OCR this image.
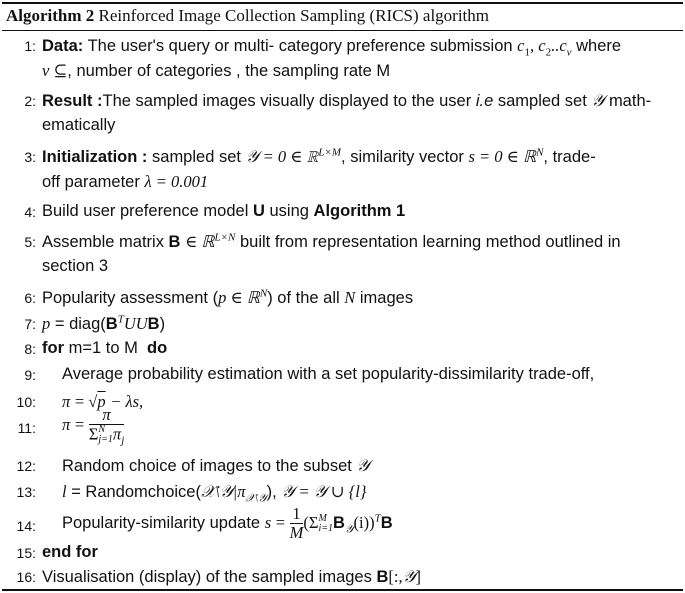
Algorithm 2 Reinforced Image Collection Sampling (RICS) algorithm
1: Data: The user's query or multi- category preference submission $c_1$, $c_2..c_v$ where
v ⊆, number of categories , the sampling rate M
2: Result :The sampled images visually displayed to the user i.e sampled set 𝒴 math-
ematically
3: Initialization : sampled set 𝒴 = 0 ∈ ℝ$^{L\times M}$, similarity vector s = 0 ∈ ℝ$^N$, trade-
off parameter λ = 0.001
4: Build user preference model U using Algorithm 1
5: Assemble matrix B ∈ ℝ$^{L\times N}$ built from representation learning method outlined in
section 3
6: Popularity assessment (p ∈ ℝ$^N$) of the all N images
7: $p = diag(B^TUUB)$
8: for m=1 to M do
9: Average probability estimation with a set popularity-dissimilarity trade-off,
10: π = √p − λs,
11: π = π
Σ N
j=1 $\pi_j$
12: Random choice of images to the subset 𝒴
13: $l = Randomchoice(𝒳\backslash 𝒴|\pi_{𝒳\backslash 𝒴})$, 𝒴 = 𝒴 ∪ {l}
14: Popularity-similarity update $s = \frac{1}{M} (\Sigma$ M
i=1 $B_𝒴(i))^TB$
15: end for
16: Visualisation (display) of the sampled images B[:,𝒴]
